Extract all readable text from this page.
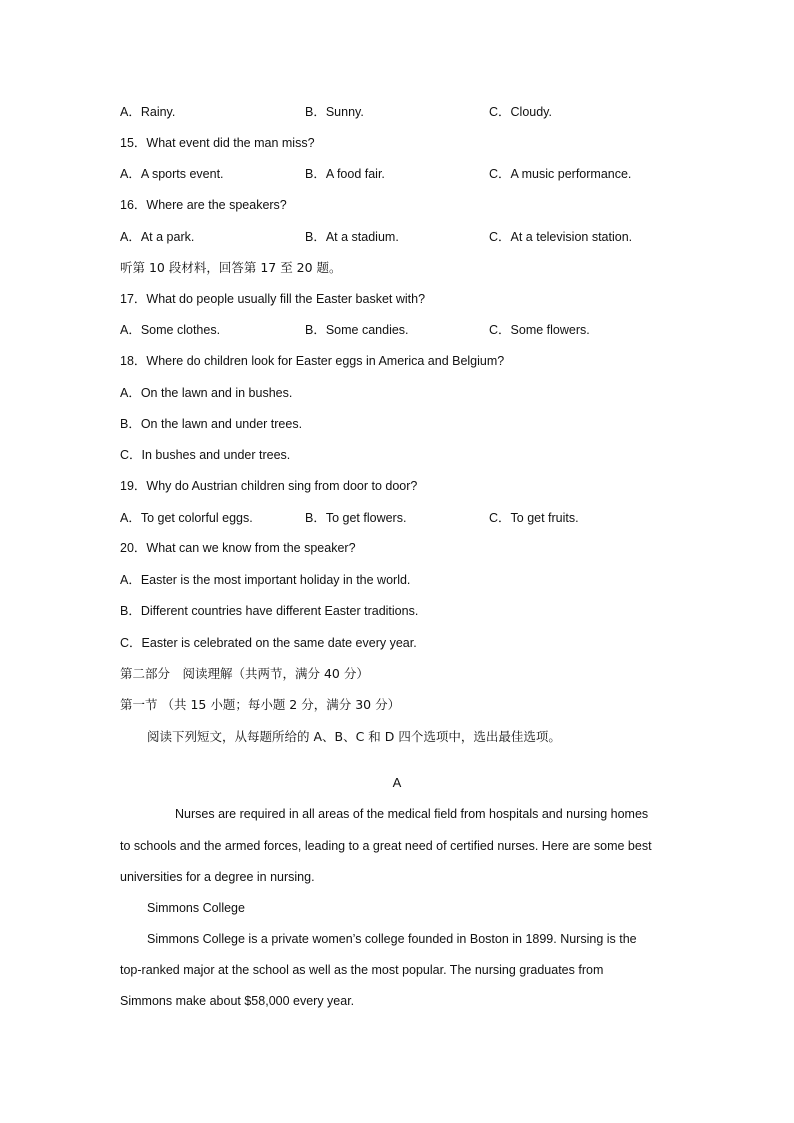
A．Rainy.	B．Sunny.	C．Cloudy.
15．What event did the man miss?
A．A sports event.	B．A food fair.	C．A music performance.
16．Where are the speakers?
A．At a park.	B．At a stadium.	C．At a television station.
听第 10 段材料，回答第 17 至 20 题。
17．What do people usually fill the Easter basket with?
A．Some clothes.	B．Some candies.	C．Some flowers.
18．Where do children look for Easter eggs in America and Belgium?
A．On the lawn and in bushes.
B．On the lawn and under trees.
C．In bushes and under trees.
19．Why do Austrian children sing from door to door?
A．To get colorful eggs.	B．To get flowers.	C．To get fruits.
20．What can we know from the speaker?
A．Easter is the most important holiday in the world.
B．Different countries have different Easter traditions.
C．Easter is celebrated on the same date every year.
第二部分　阅读理解（共两节，满分 40 分）
第一节 （共 15 小题；每小题 2 分，满分 30 分）
阅读下列短文，从每题所给的 A、B、C 和 D 四个选项中，选出最佳选项。
A
Nurses are required in all areas of the medical field from hospitals and nursing homes
to schools and the armed forces, leading to a great need of certified nurses. Here are some best
universities for a degree in nursing.
Simmons College
Simmons College is a private women’s college founded in Boston in 1899. Nursing is the
top-ranked major at the school as well as the most popular. The nursing graduates from
Simmons make about $58,000 every year.
